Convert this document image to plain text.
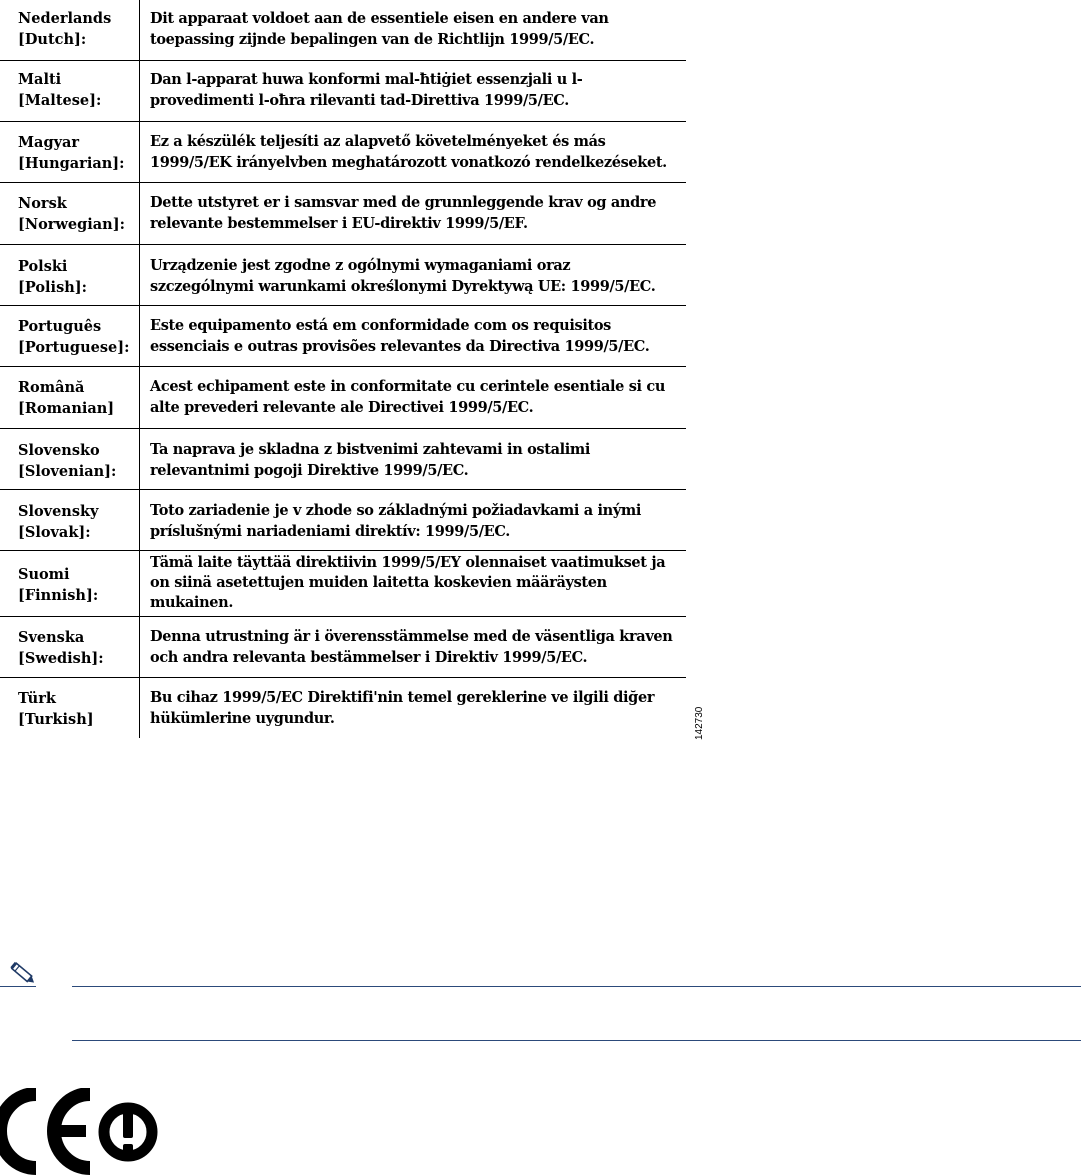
Nederlands
[Dutch]:
Dit apparaat voldoet aan de essentiele eisen en andere van
toepassing zijnde bepalingen van de Richtlijn 1999/5/EC.
Malti
[Maltese]:
Dan l-apparat huwa konformi mal-ħtiġiet essenzjali u l-
provedimenti l-oħra rilevanti tad-Direttiva 1999/5/EC.
Magyar
[Hungarian]:
Ez a készülék teljesíti az alapvető követelményeket és más
1999/5/EK irányelvben meghatározott vonatkozó rendelkezéseket.
Norsk
[Norwegian]:
Dette utstyret er i samsvar med de grunnleggende krav og andre
relevante bestemmelser i EU-direktiv 1999/5/EF.
Polski
[Polish]:
Urządzenie jest zgodne z ogólnymi wymaganiami oraz
szczególnymi warunkami określonymi Dyrektywą UE: 1999/5/EC.
Português
[Portuguese]:
Este equipamento está em conformidade com os requisitos
essenciais e outras provisões relevantes da Directiva 1999/5/EC.
Română
[Romanian]
Acest echipament este in conformitate cu cerintele esentiale si cu
alte prevederi relevante ale Directivei 1999/5/EC.
Slovensko
[Slovenian]:
Ta naprava je skladna z bistvenimi zahtevami in ostalimi
relevantnimi pogoji Direktive 1999/5/EC.
Slovensky
[Slovak]:
Toto zariadenie je v zhode so základnými požiadavkami a inými
príslušnými nariadeniami direktív: 1999/5/EC.
Suomi
[Finnish]:
Tämä laite täyttää direktiivin 1999/5/EY olennaiset vaatimukset ja
on siinä asetettujen muiden laitetta koskevien määräysten
mukainen.
Svenska
[Swedish]:
Denna utrustning är i överensstämmelse med de väsentliga kraven
och andra relevanta bestämmelser i Direktiv 1999/5/EC.
Türk
[Turkish]
Bu cihaz 1999/5/EC Direktifi'nin temel gereklerine ve ilgili diğer
hükümlerine uygundur.	142730
